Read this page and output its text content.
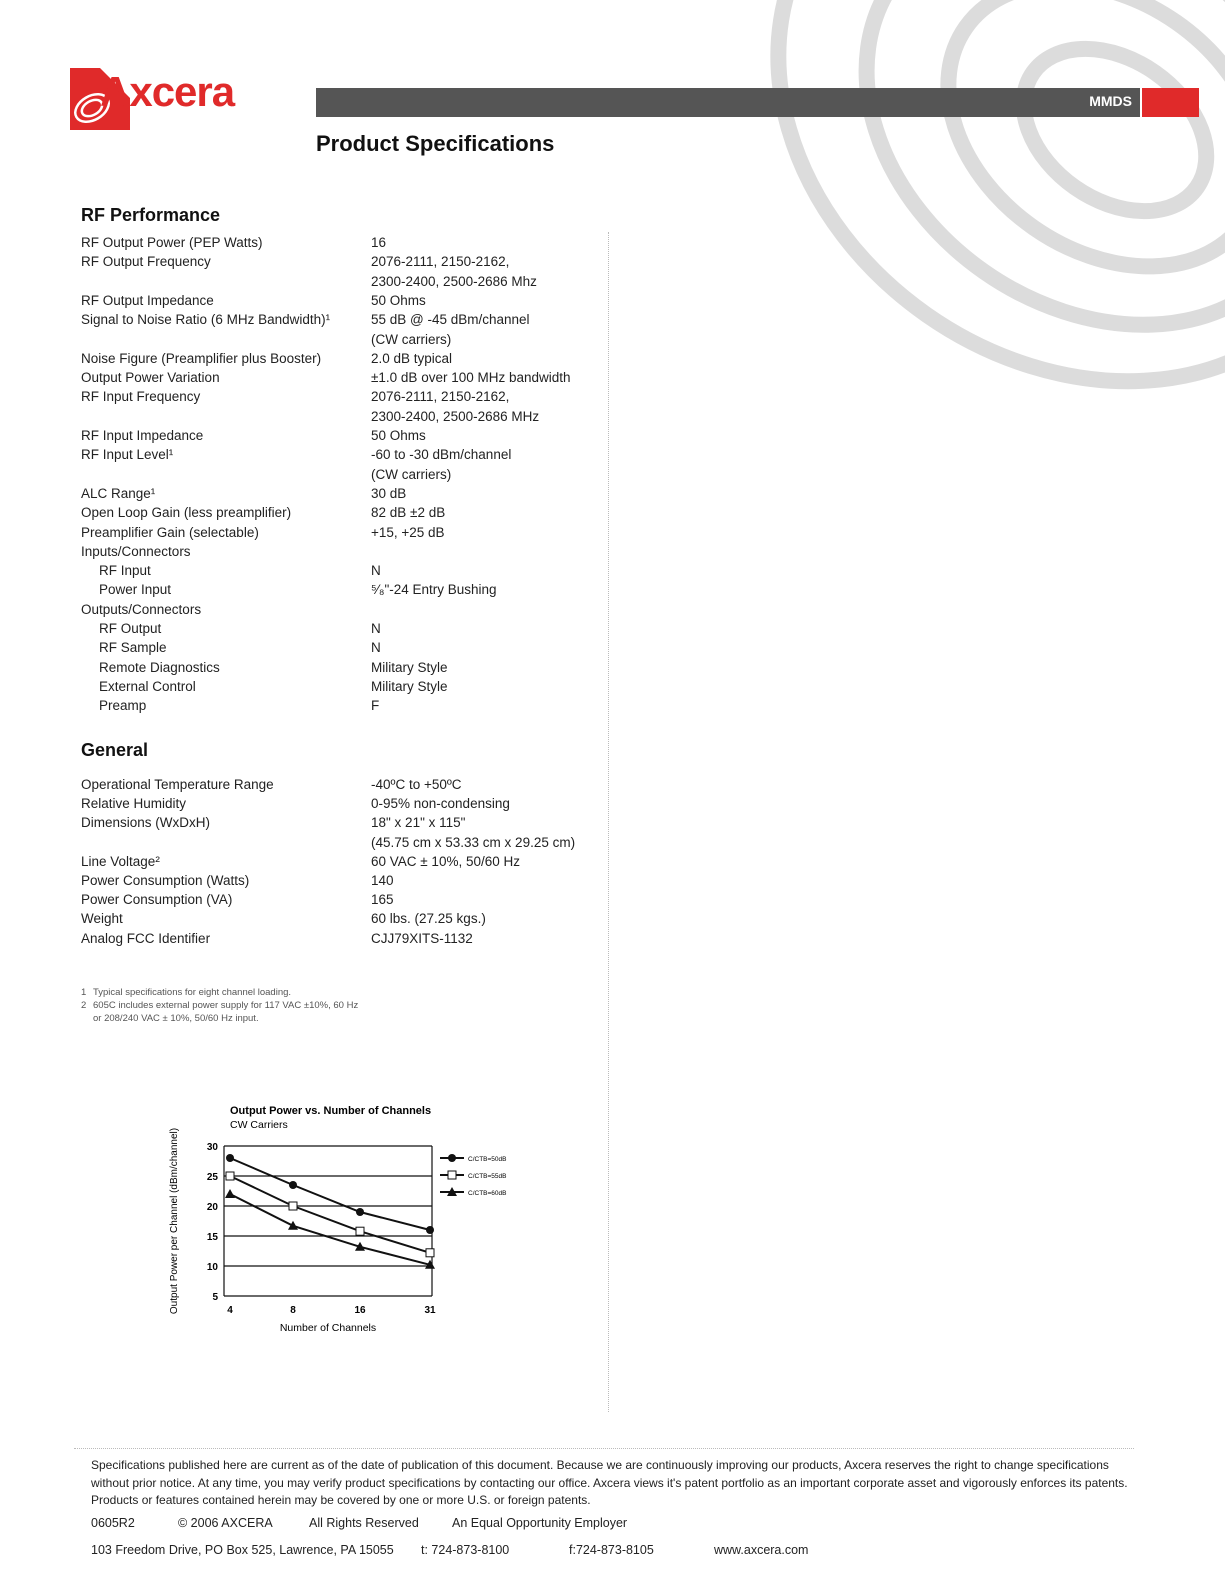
Axcera	MMDS
Product Specifications
RF Performance
RF Output Power (PEP Watts)	16
RF Output Frequency	2076-2111, 2150-2162,
2300-2400, 2500-2686 Mhz
RF Output Impedance	50 Ohms
Signal to Noise Ratio (6 MHz Bandwidth)¹	55 dB @ -45 dBm/channel
(CW carriers)
Noise Figure (Preamplifier plus Booster)	2.0 dB typical
Output Power Variation	±1.0 dB over 100 MHz bandwidth
RF Input Frequency	2076-2111, 2150-2162,
2300-2400, 2500-2686 MHz
RF Input Impedance	50 Ohms
RF Input Level¹	-60 to -30 dBm/channel
(CW carriers)
ALC Range¹	30 dB
Open Loop Gain (less preamplifier)	82 dB ±2 dB
Preamplifier Gain (selectable)	+15, +25 dB
Inputs/Connectors
RF Input	N
Power Input	⁵⁄₈"-24 Entry Bushing
Outputs/Connectors
RF Output	N
RF Sample	N
Remote Diagnostics	Military Style
External Control	Military Style
Preamp	F
General
Operational Temperature Range	-40ºC to +50ºC
Relative Humidity	0-95% non-condensing
Dimensions (WxDxH)	18" x 21" x 115"
(45.75 cm x 53.33 cm x 29.25 cm)
Line Voltage²	60 VAC ± 10%, 50/60 Hz
Power Consumption (Watts)	140
Power Consumption (VA)	165
Weight	60 lbs. (27.25 kgs.)
Analog FCC Identifier	CJJ79XITS-1132
1 Typical specifications for eight channel loading.
2 605C includes external power supply for 117 VAC ±10%, 60 Hz
or 208/240 VAC ± 10%, 50/60 Hz input.
Output Power vs. Number of Channels
CW Carriers
5
10
15
20
25
30
4	8	16	31
Number of Channels
Output Power per Channel (dBm/channel)	C/CTB=50dB
C/CTB=55dB
C/CTB=60dB
Specifications published here are current as of the date of publication of this document. Because we are continuously improving our products, Axcera reserves the right to change specifications without prior notice. At any time, you may verify product specifications by contacting our office. Axcera views it's patent portfolio as an important corporate asset and vigorously enforces its patents. Products or features contained herein may be covered by one or more U.S. or foreign patents.
0605R2	© 2006 AXCERA	All Rights Reserved	An Equal Opportunity Employer
103 Freedom Drive, PO Box 525, Lawrence, PA 15055 t: 724-873-8100	f:724-873-8105	www.axcera.com
